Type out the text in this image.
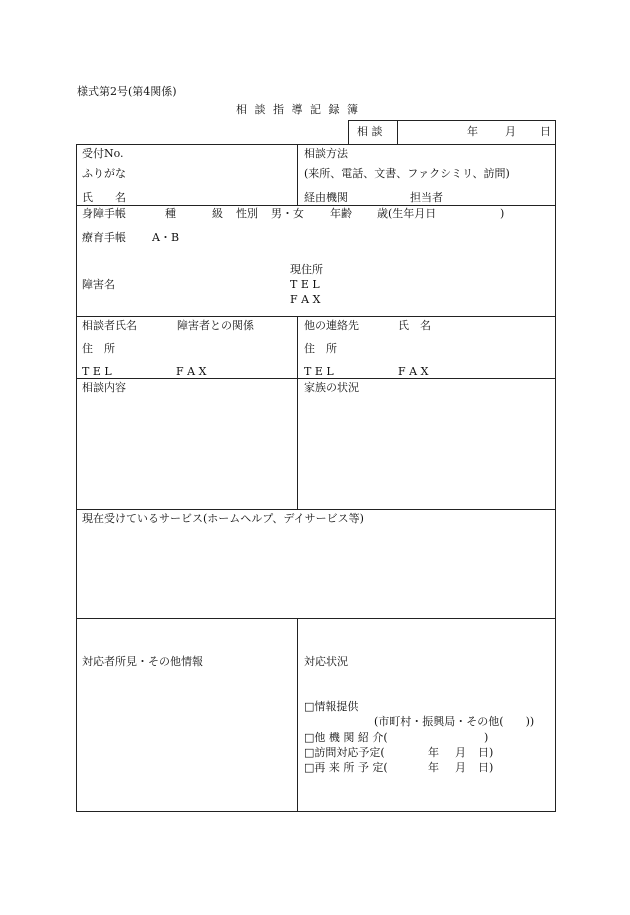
様式第2号(第4関係)
相 談 指 導 記 録 簿
相 談	年 月 日
受付No.
ふりがな
氏　　名
相談方法
(来所、電話、文書、ファクシミリ、訪問)
経由機関	担当者
身障手帳	種	級 性別 男・女 年齢 歳(生年月日	)
療育手帳 A・B
現住所
障害名	T E L
F A X
相談者氏名	障害者との関係
住　所
T E L	F A X
他の連絡先	氏　名
住　所
T E L	F A X
相談内容	家族の状況
現在受けているサービス(ホームヘルプ、デイサービス等)
対応者所見・その他情報	対応状況
□情報提供
(市町村・振興局・その他(　　))
□他 機 関 紹 介(	)
□訪問対応予定(	年 月 日)
□再 来 所 予 定(	年 月 日)
